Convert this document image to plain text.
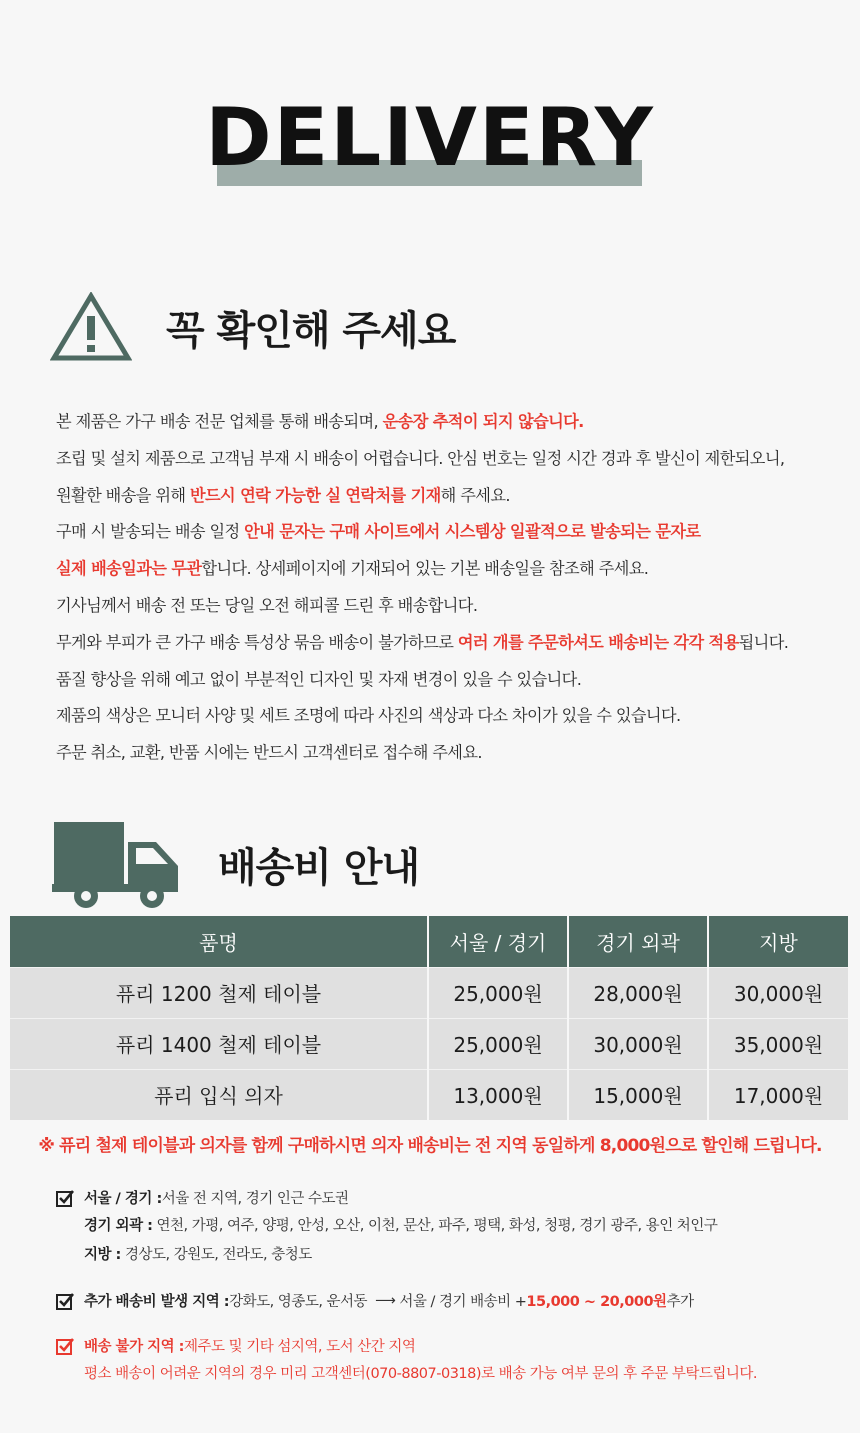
DELIVERY
꼭 확인해 주세요
본 제품은 가구 배송 전문 업체를 통해 배송되며, 운송장 추적이 되지 않습니다.
조립 및 설치 제품으로 고객님 부재 시 배송이 어렵습니다. 안심 번호는 일정 시간 경과 후 발신이 제한되오니,
원활한 배송을 위해 반드시 연락 가능한 실 연락처를 기재해 주세요.
구매 시 발송되는 배송 일정 안내 문자는 구매 사이트에서 시스템상 일괄적으로 발송되는 문자로
실제 배송일과는 무관합니다. 상세페이지에 기재되어 있는 기본 배송일을 참조해 주세요.
기사님께서 배송 전 또는 당일 오전 해피콜 드린 후 배송합니다.
무게와 부피가 큰 가구 배송 특성상 묶음 배송이 불가하므로 여러 개를 주문하셔도 배송비는 각각 적용됩니다.
품질 향상을 위해 예고 없이 부분적인 디자인 및 자재 변경이 있을 수 있습니다.
제품의 색상은 모니터 사양 및 세트 조명에 따라 사진의 색상과 다소 차이가 있을 수 있습니다.
주문 취소, 교환, 반품 시에는 반드시 고객센터로 접수해 주세요.
배송비 안내
품명	서울 / 경기	경기 외곽	지방
퓨리 1200 철제 테이블	25,000원	28,000원	30,000원
퓨리 1400 철제 테이블	25,000원	30,000원	35,000원
퓨리 입식 의자	13,000원	15,000원	17,000원
※ 퓨리 철제 테이블과 의자를 함께 구매하시면 의자 배송비는 전 지역 동일하게 8,000원으로 할인해 드립니다.
서울 / 경기 : 서울 전 지역, 경기 인근 수도권
경기 외곽 : 연천, 가평, 여주, 양평, 안성, 오산, 이천, 문산, 파주, 평택, 화성, 청평, 경기 광주, 용인 처인구
지방 : 경상도, 강원도, 전라도, 충청도
추가 배송비 발생 지역 : 강화도, 영종도, 운서동 ⟶ 서울 / 경기 배송비 + 15,000 ~ 20,000원 추가
배송 불가 지역 : 제주도 및 기타 섬지역, 도서 산간 지역
평소 배송이 어려운 지역의 경우 미리 고객센터(070-8807-0318)로 배송 가능 여부 문의 후 주문 부탁드립니다.
